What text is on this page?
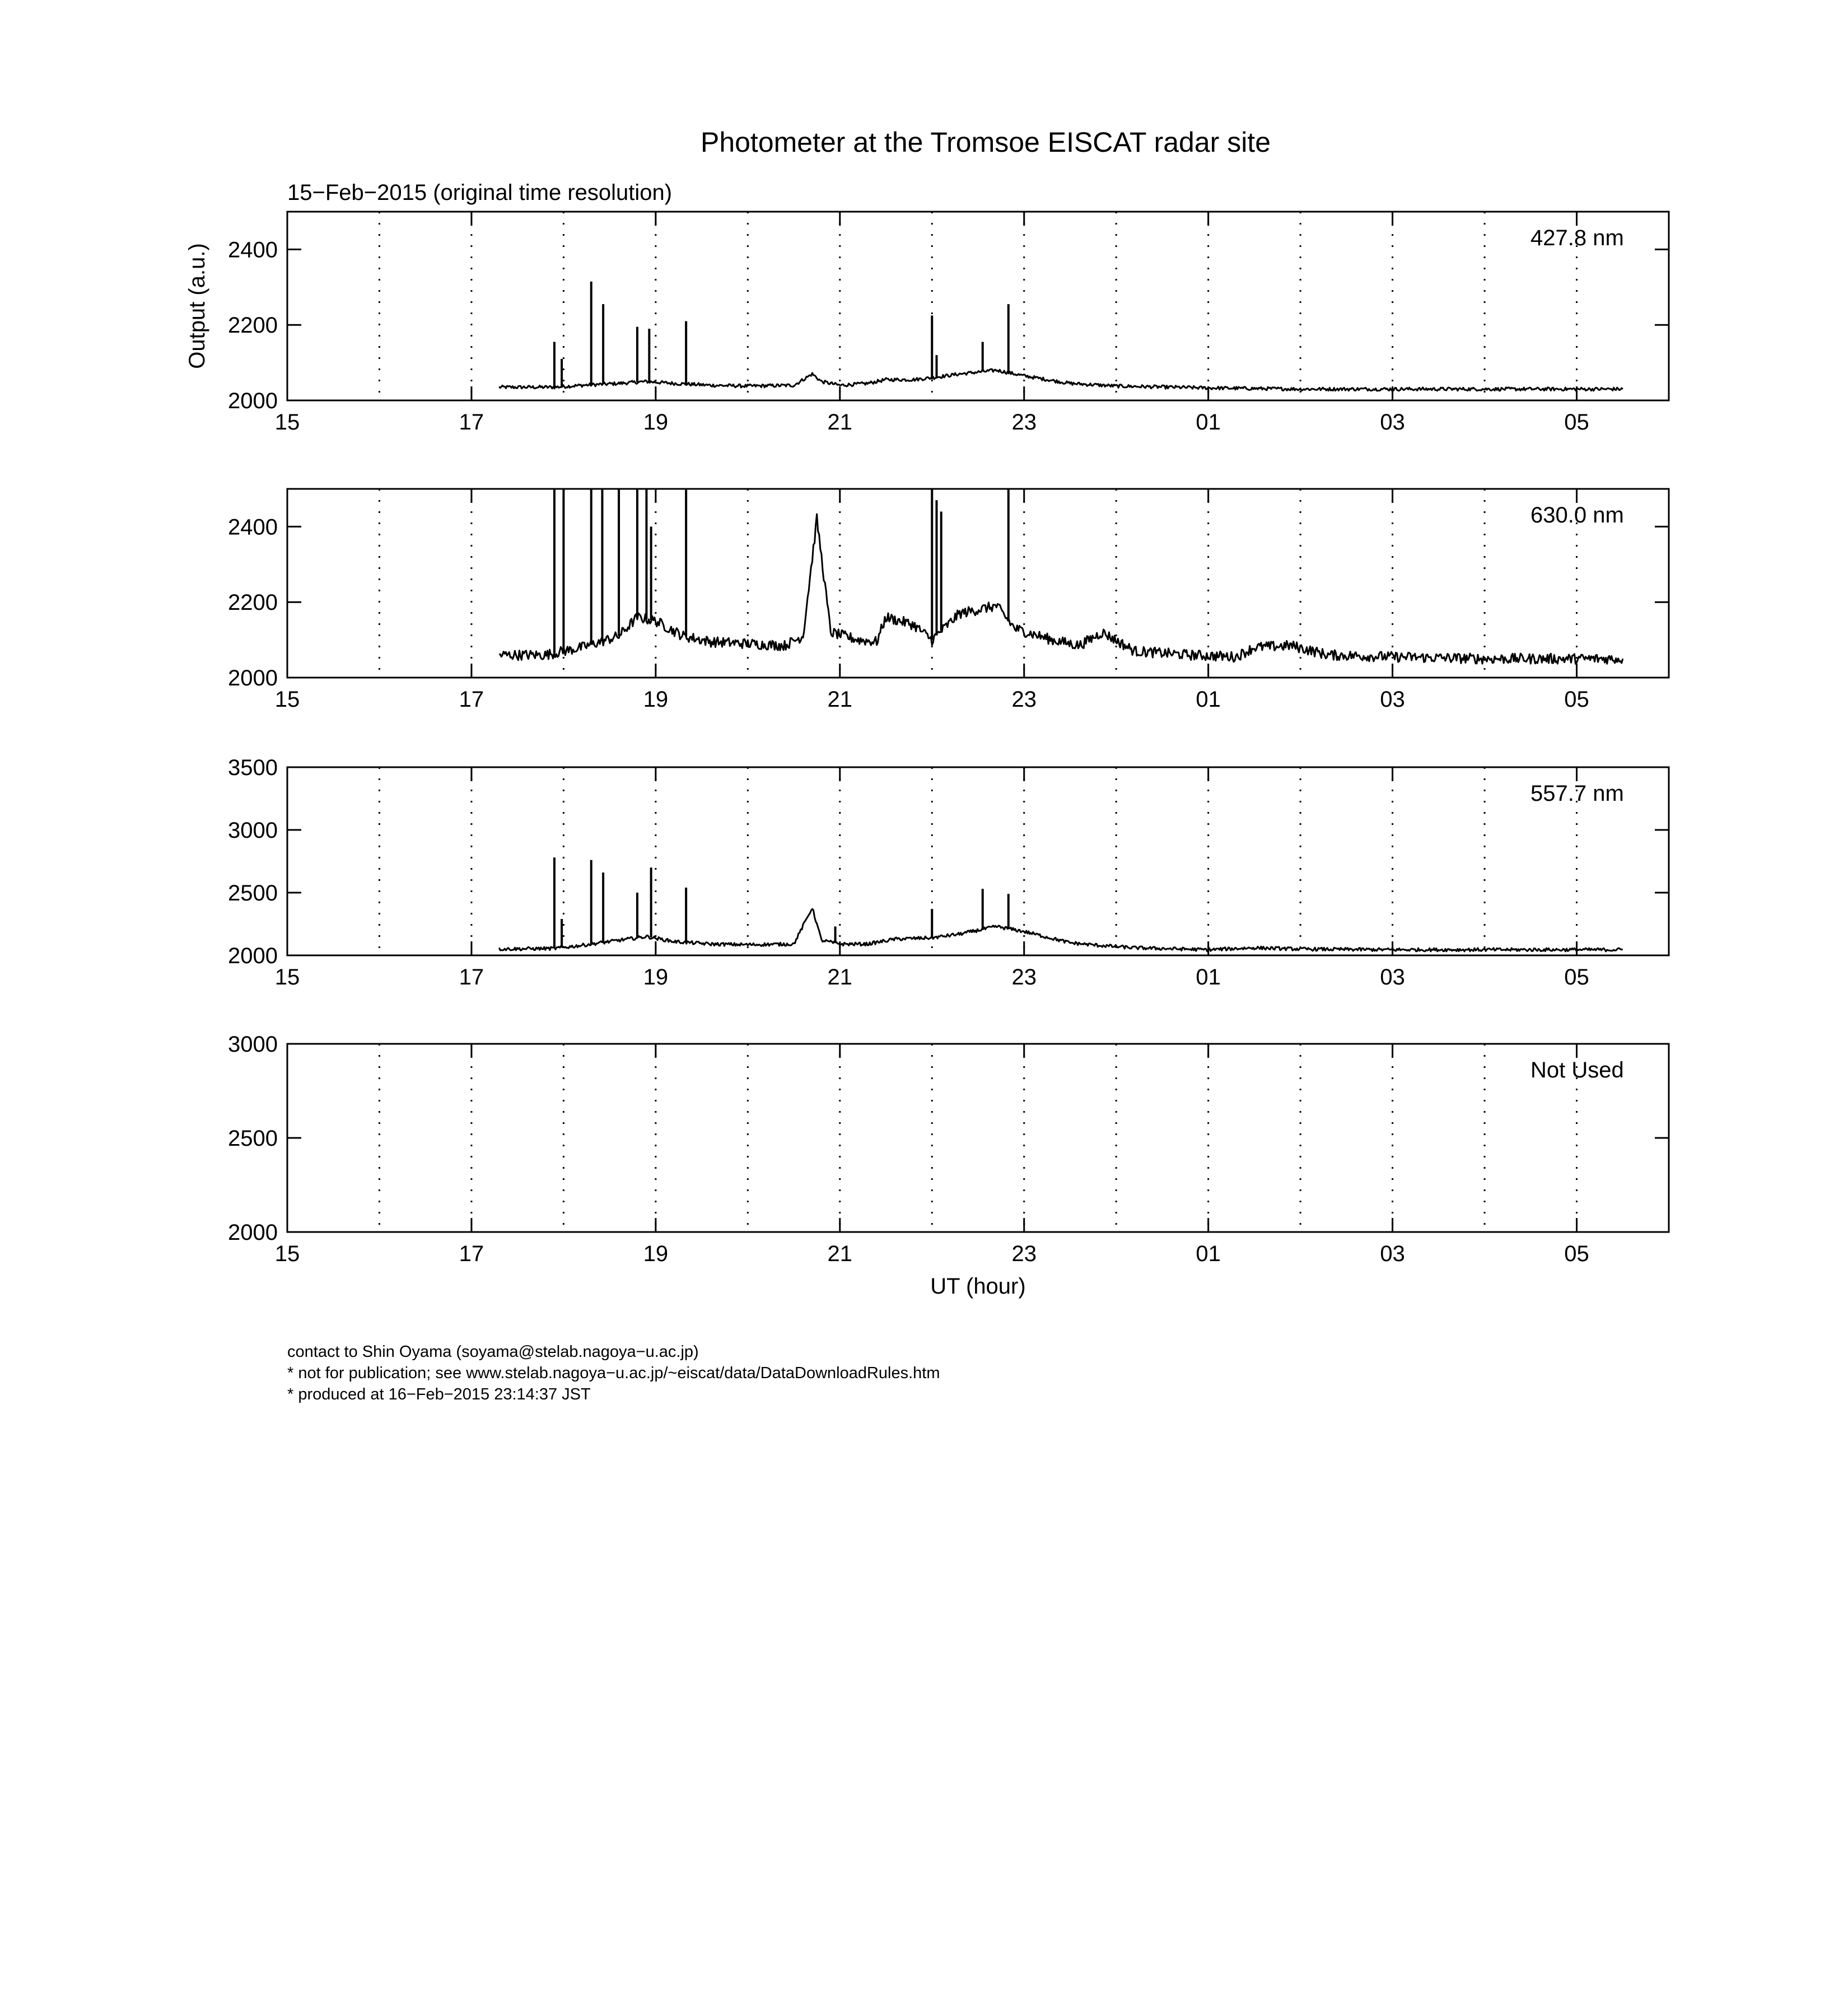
Photometer at the Tromsoe EISCAT radar site
15−Feb−2015 (original time resolution)
15	17	19	21	23	01	03	05
2000
2200
2400	427.8 nm
Output (a.u.)
15	17	19	21	23	01	03	05
2000
2200
2400	630.0 nm
15	17	19	21	23	01	03	05
2000
2500
3000
3500
557.7 nm
15	17	19	21	23	01	03	05
2000
2500
3000
Not Used
UT (hour)
contact to Shin Oyama (soyama@stelab.nagoya−u.ac.jp)
* not for publication; see www.stelab.nagoya−u.ac.jp/~eiscat/data/DataDownloadRules.htm
* produced at 16−Feb−2015 23:14:37 JST
